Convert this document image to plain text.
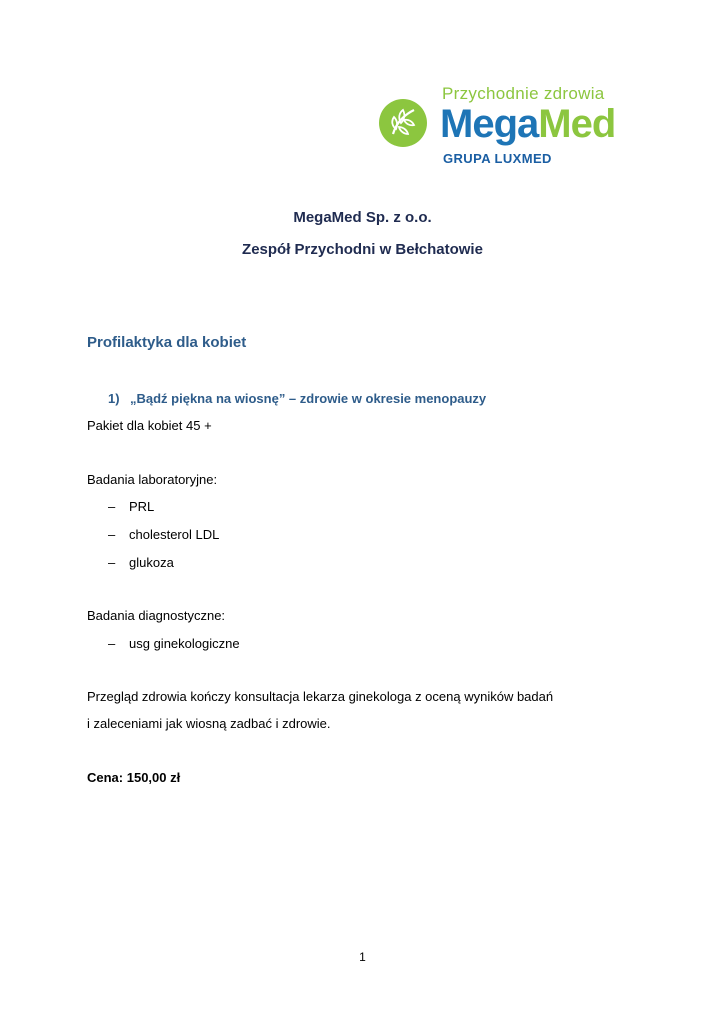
Przychodnie zdrowia
MegaMed
GRUPA LUXMED
MegaMed Sp. z o.o.
Zespół Przychodni w Bełchatowie
Profilaktyka dla kobiet
1) „Bądź piękna na wiosnę” – zdrowie w okresie menopauzy
Pakiet dla kobiet 45 +
Badania laboratoryjne:
– PRL
– cholesterol LDL
– glukoza
Badania diagnostyczne:
– usg ginekologiczne
Przegląd zdrowia kończy konsultacja lekarza ginekologa z oceną wyników badań
i zaleceniami jak wiosną zadbać i zdrowie.
Cena: 150,00 zł
1
